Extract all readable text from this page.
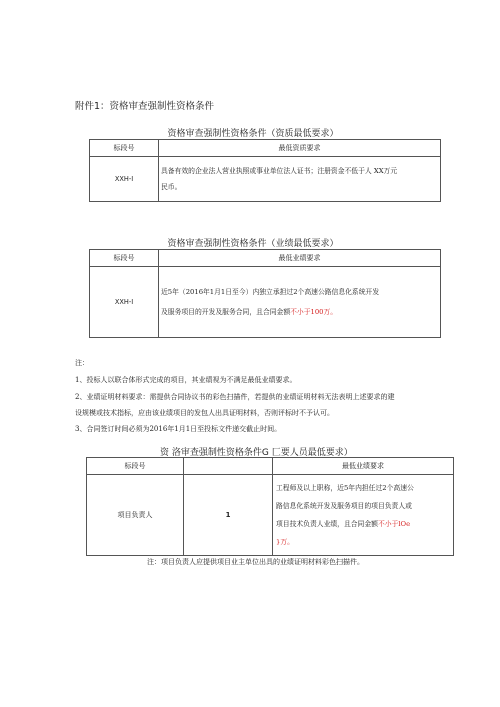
附件1：资格审查强制性资格条件
资格审查强制性资格条件（资质最低要求）
标段号	最低资质要求
XXH-I	具备有效的企业法人营业执照或事业单位法人证书；注册资金不低于人 XX万元
民币。
资格审查强制性资格条件（业绩最低要求）
标段号	最低业绩要求
XXH-I	近5年（2016年1月1日至今）内独立承担过2个高速公路信息化系统开发
及服务项目的开发及服务合同，且合同金额不小于100万。
注：
1、投标人以联合体形式完成的项目，其业绩视为不满足最低业绩要求。
2、业绩证明材料要求：需提供合同协议书的彩色扫描件，若提供的业绩证明材料无法表明上述要求的建
设规模或技术指标，应由该业绩项目的发包人出具证明材料，否则评标时不予认可。
3、合同签订时间必须为2016年1月1日至投标文件递交截止时间。
资 洛审查强制性资格条件G 匚要人员最低要求）
标段号		最低业绩要求
项目负责人	1	工程师及以上职称，近5年内担任过2个高速公
路信息化系统开发及服务项目的项目负责人或
项目技术负责人业绩，且合同金额不小于lOe
}万。
注：项目负责人应提供项目业主单位出具的业绩证明材料彩色扫描件。
